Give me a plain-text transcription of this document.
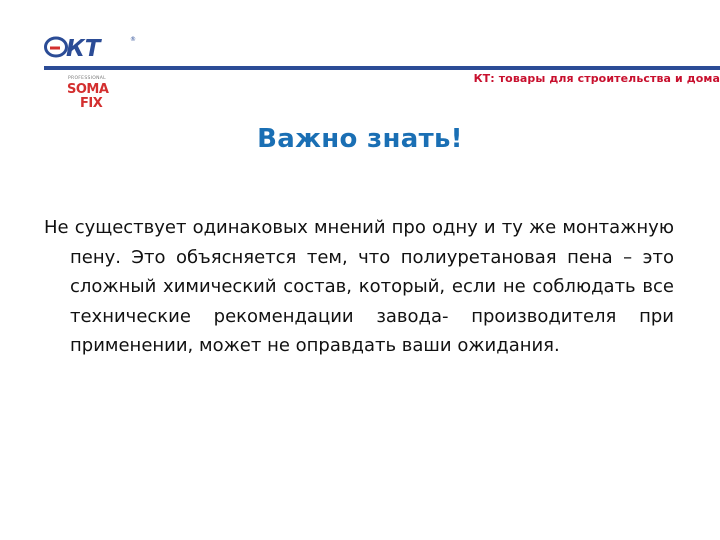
КТ	®
КТ: товары для строительства и дома
PROFESSIONAL
SOMA
FIX
Важно знать!
Не существует одинаковых мнений про одну и ту же монтажную пену. Это объясняется тем, что полиуретановая пена – это сложный химический состав, который, если не соблюдать все технические рекомендации завода- производителя при применении, может не оправдать ваши ожидания.
